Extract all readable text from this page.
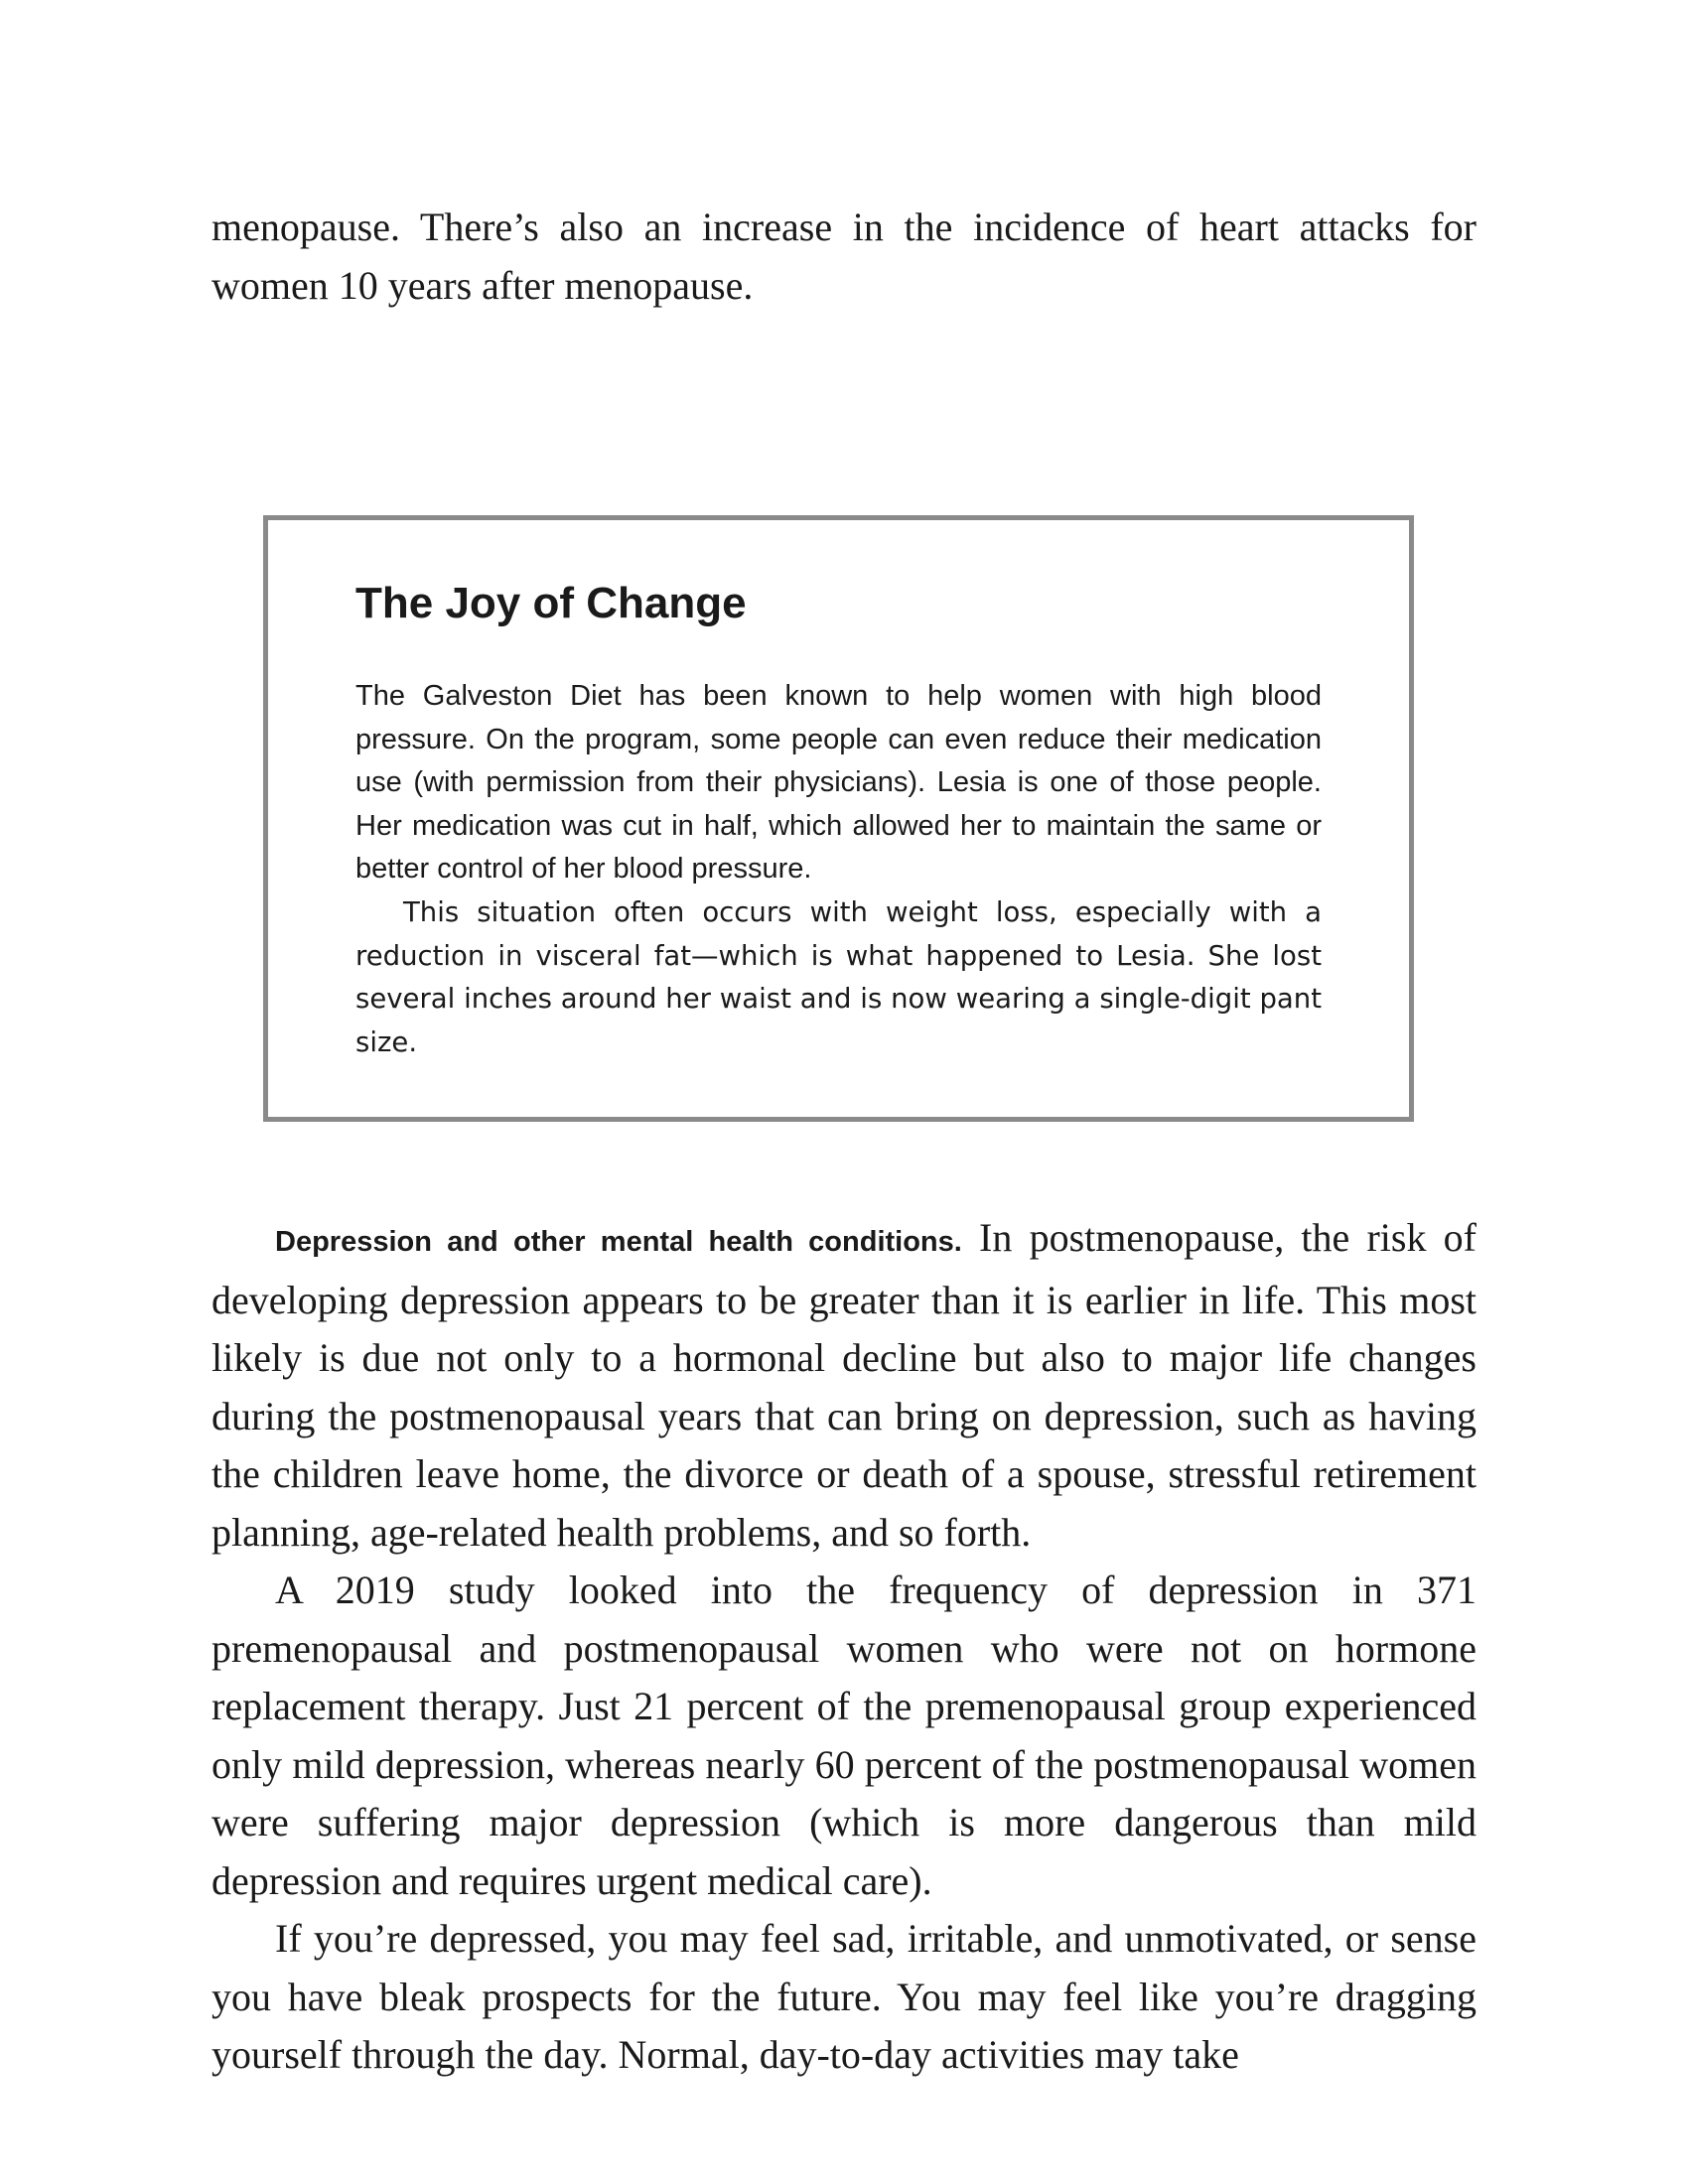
menopause. There’s also an increase in the incidence of heart attacks for women 10 years after menopause.

The Joy of Change

The Galveston Diet has been known to help women with high blood pressure. On the program, some people can even reduce their medication use (with permission from their physicians). Lesia is one of those people. Her medication was cut in half, which allowed her to maintain the same or better control of her blood pressure.

This situation often occurs with weight loss, especially with a reduction in visceral fat—which is what happened to Lesia. She lost several inches around her waist and is now wearing a single-digit pant size.

Depression and other mental health conditions. In postmenopause, the risk of developing depression appears to be greater than it is earlier in life. This most likely is due not only to a hormonal decline but also to major life changes during the postmenopausal years that can bring on depression, such as having the children leave home, the divorce or death of a spouse, stressful retirement planning, age-related health problems, and so forth.

A 2019 study looked into the frequency of depression in 371 premenopausal and postmenopausal women who were not on hormone replacement therapy. Just 21 percent of the premenopausal group experienced only mild depression, whereas nearly 60 percent of the postmenopausal women were suffering major depression (which is more dangerous than mild depression and requires urgent medical care).

If you’re depressed, you may feel sad, irritable, and unmotivated, or sense you have bleak prospects for the future. You may feel like you’re dragging yourself through the day. Normal, day-to-day activities may take
